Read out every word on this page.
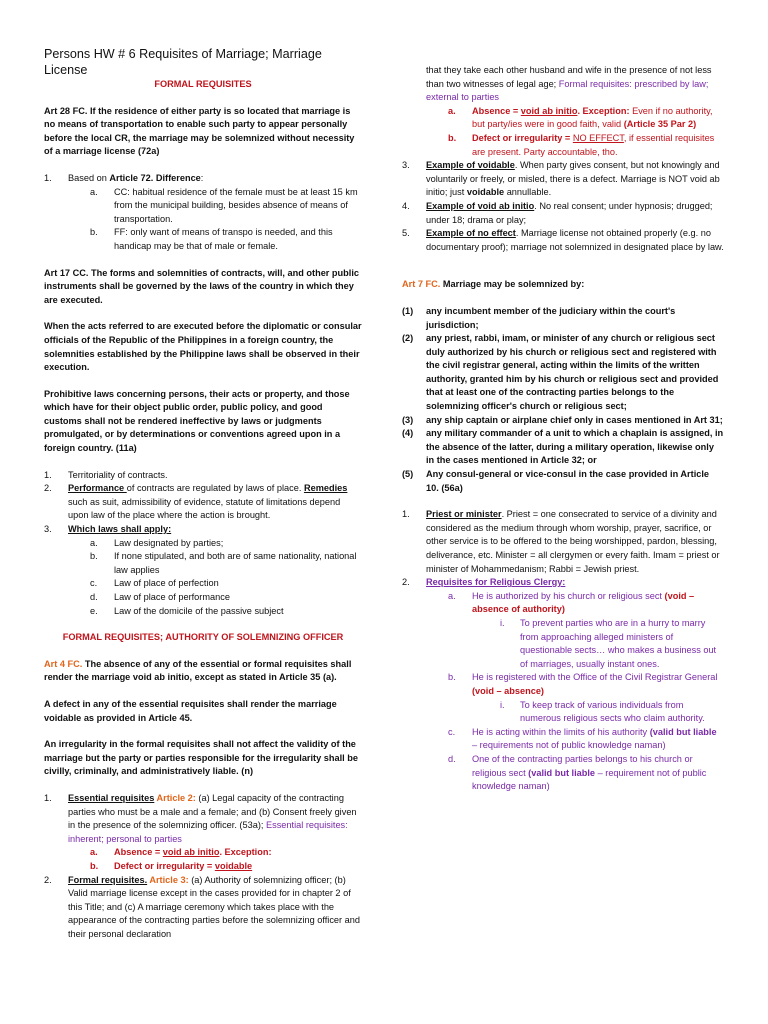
Persons HW # 6 Requisites of Marriage; Marriage License
FORMAL REQUISITES
Art 28 FC. If the residence of either party is so located that marriage is no means of transportation to enable such party to appear personally before the local CR, the marriage may be solemnized without necessity of a marriage license (72a)
1. Based on Article 72. Difference:
a. CC: habitual residence of the female must be at least 15 km from the municipal building, besides absence of means of transportation.
b. FF: only want of means of transpo is needed, and this handicap may be that of male or female.
Art 17 CC. The forms and solemnities of contracts, will, and other public instruments shall be governed by the laws of the country in which they are executed.
When the acts referred to are executed before the diplomatic or consular officials of the Republic of the Philippines in a foreign country, the solemnities established by the Philippine laws shall be observed in their execution.
Prohibitive laws concerning persons, their acts or property, and those which have for their object public order, public policy, and good customs shall not be rendered ineffective by laws or judgments promulgated, or by determinations or conventions agreed upon in a foreign country. (11a)
1. Territoriality of contracts.
2. Performance of contracts are regulated by laws of place. Remedies such as suit, admissibility of evidence, statute of limitations depend upon law of the place where the action is brought.
3. Which laws shall apply:
a. Law designated by parties;
b. If none stipulated, and both are of same nationality, national law applies
c. Law of place of perfection
d. Law of place of performance
e. Law of the domicile of the passive subject
FORMAL REQUISITES; AUTHORITY OF SOLEMNIZING OFFICER
Art 4 FC. The absence of any of the essential or formal requisites shall render the marriage void ab initio, except as stated in Article 35 (a).
A defect in any of the essential requisites shall render the marriage voidable as provided in Article 45.
An irregularity in the formal requisites shall not affect the validity of the marriage but the party or parties responsible for the irregularity shall be civilly, criminally, and administratively liable. (n)
1. Essential requisites Article 2: (a) Legal capacity of the contracting parties who must be a male and a female; and (b) Consent freely given in the presence of the solemnizing officer. (53a); Essential requisites: inherent; personal to parties
a. Absence = void ab initio. Exception:
b. Defect or irregularity = voidable
2. Formal requisites. Article 3: (a) Authority of solemnizing officer; (b) Valid marriage license except in the cases provided for in chapter 2 of this Title; and (c) A marriage ceremony which takes place with the appearance of the contracting parties before the solemnizing officer and their personal declaration
that they take each other husband and wife in the presence of not less than two witnesses of legal age; Formal requisites: prescribed by law; external to parties
a. Absence = void ab initio. Exception: Even if no authority, but party/ies were in good faith, valid (Article 35 Par 2)
b. Defect or irregularity = NO EFFECT, if essential requisites are present. Party accountable, tho.
3. Example of voidable. When party gives consent, but not knowingly and voluntarily or freely, or misled, there is a defect. Marriage is NOT void ab initio; just voidable annullable.
4. Example of void ab initio. No real consent; under hypnosis; drugged; under 18; drama or play;
5. Example of no effect. Marriage license not obtained properly (e.g. no documentary proof); marriage not solemnized in designated place by law.
Art 7 FC. Marriage may be solemnized by:
(1) any incumbent member of the judiciary within the court's jurisdiction;
(2) any priest, rabbi, imam, or minister of any church or religious sect duly authorized by his church or religious sect and registered with the civil registrar general, acting within the limits of the written authority, granted him by his church or religious sect and provided that at least one of the contracting parties belongs to the solemnizing officer's church or religious sect;
(3) any ship captain or airplane chief only in cases mentioned in Art 31;
(4) any military commander of a unit to which a chaplain is assigned, in the absence of the latter, during a military operation, likewise only in the cases mentioned in Article 32; or
(5) Any consul-general or vice-consul in the case provided in Article 10. (56a)
1. Priest or minister. Priest = one consecrated to service of a divinity and considered as the medium through whom worship, prayer, sacrifice, or other service is to be offered to the being worshipped, pardon, blessing, deliverance, etc. Minister = all clergymen or every faith. Imam = priest or minister of Mohammedanism; Rabbi = Jewish priest.
2. Requisites for Religious Clergy:
a. He is authorized by his church or religious sect (void – absence of authority)
i. To prevent parties who are in a hurry to marry from approaching alleged ministers of questionable sects… who makes a business out of marriages, usually instant ones.
b. He is registered with the Office of the Civil Registrar General (void – absence)
i. To keep track of various individuals from numerous religious sects who claim authority.
c. He is acting within the limits of his authority (valid but liable – requirements not of public knowledge naman)
d. One of the contracting parties belongs to his church or religious sect (valid but liable – requirement not of public knowledge naman)
